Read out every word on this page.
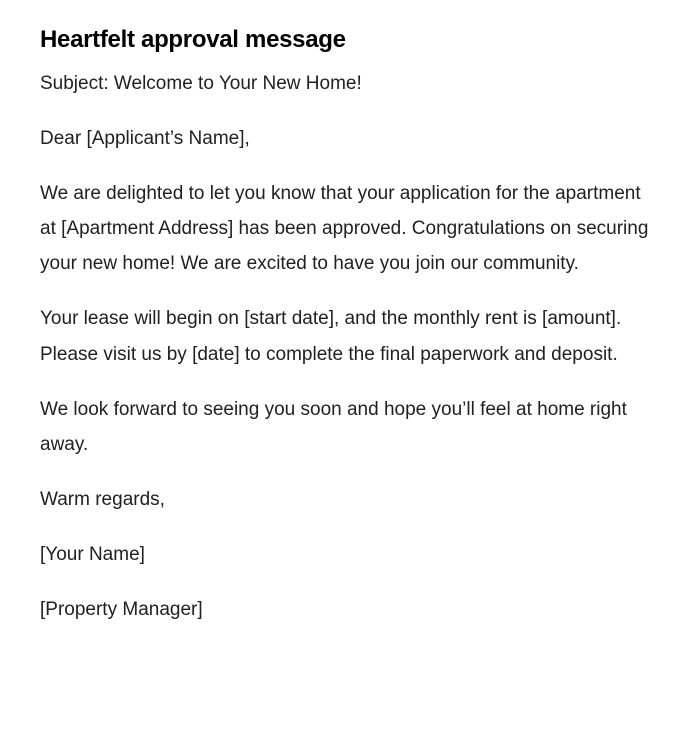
Heartfelt approval message

Subject: Welcome to Your New Home!

Dear [Applicant’s Name],

We are delighted to let you know that your application for the apartment at [Apartment Address] has been approved. Congratulations on securing your new home! We are excited to have you join our community.

Your lease will begin on [start date], and the monthly rent is [amount]. Please visit us by [date] to complete the final paperwork and deposit.

We look forward to seeing you soon and hope you’ll feel at home right away.

Warm regards,

[Your Name]

[Property Manager]
